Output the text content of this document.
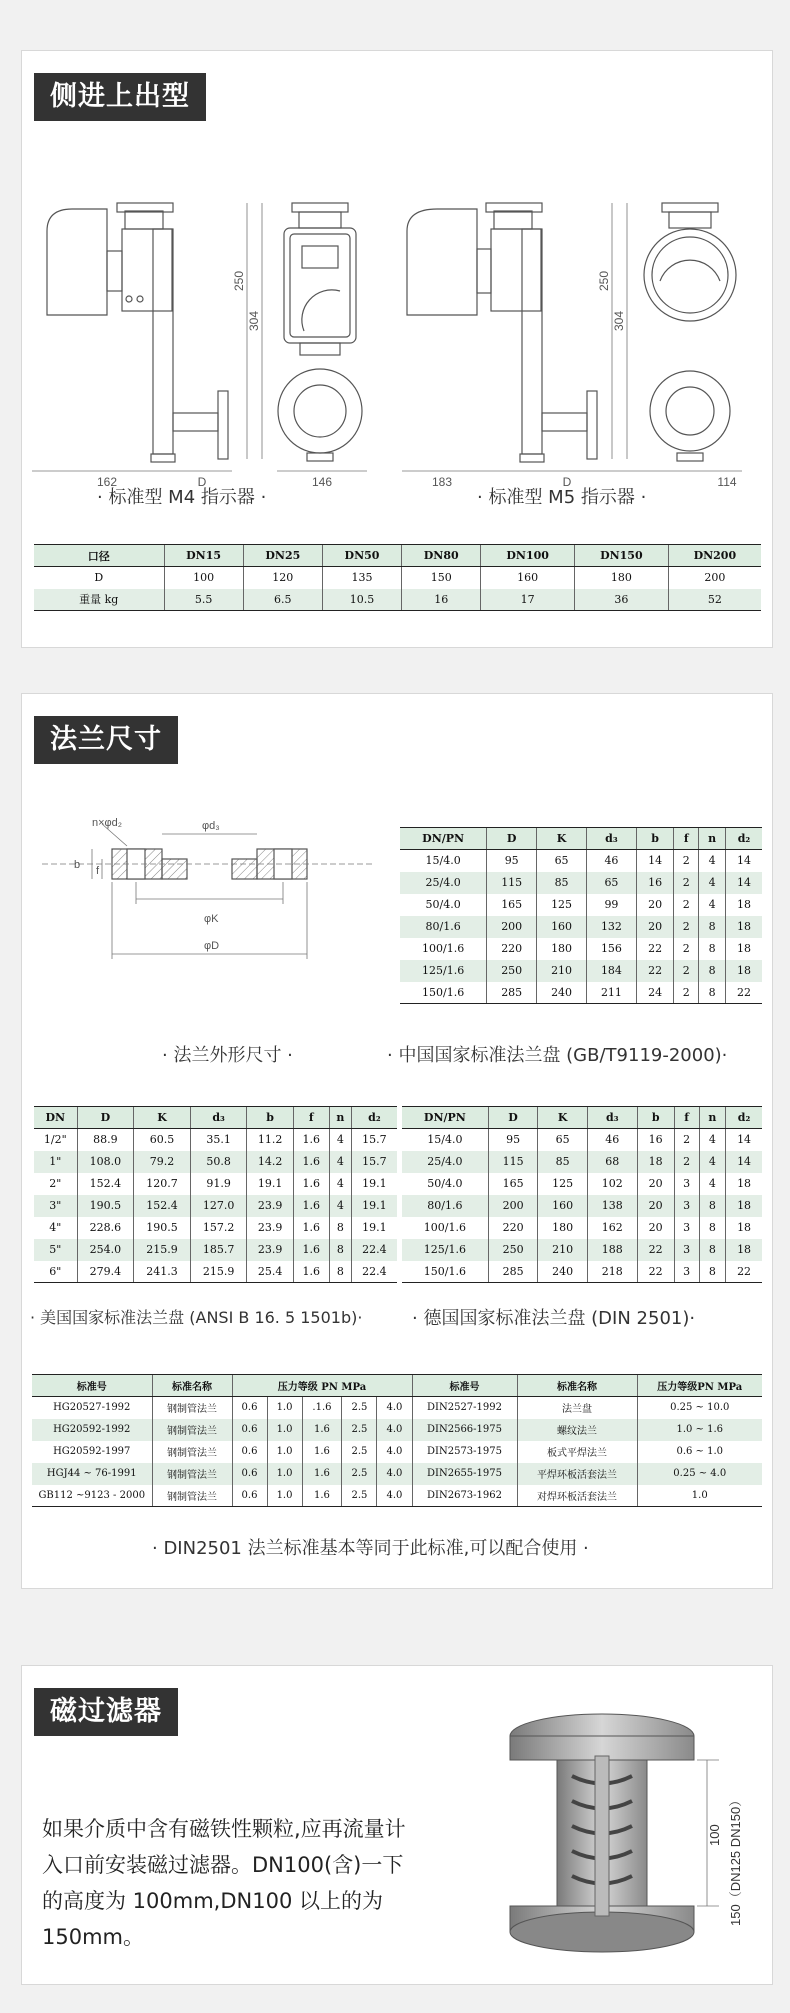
侧进上出型
162	D	146
250
304
183	D	114
250
304
· 标准型 M4 指示器 ·	· 标准型 M5 指示器 ·
口径	DN15	DN25	DN50	DN80	DN100	DN150	DN200
D	100	120	135	150	160	180	200
重量 kg	5.5	6.5	10.5	16	17	36	52
法兰尺寸
n×φd₂	φd₃
b f
φK
φD
DN/PN	D	K	d₃	b	f	n	d₂
15/4.0	95	65	46	14	2	4	14
25/4.0	115	85	65	16	2	4	14
50/4.0	165	125	99	20	2	4	18
80/1.6	200	160	132	20	2	8	18
100/1.6	220	180	156	22	2	8	18
125/1.6	250	210	184	22	2	8	18
150/1.6	285	240	211	24	2	8	22
· 法兰外形尺寸 ·	· 中国国家标准法兰盘 (GB/T9119-2000)·
DN	D	K	d₃	b	f	n	d₂
1/2"	88.9	60.5	35.1	11.2	1.6	4	15.7
1"	108.0	79.2	50.8	14.2	1.6	4	15.7
2"	152.4	120.7	91.9	19.1	1.6	4	19.1
3"	190.5	152.4	127.0	23.9	1.6	4	19.1
4"	228.6	190.5	157.2	23.9	1.6	8	19.1
5"	254.0	215.9	185.7	23.9	1.6	8	22.4
6"	279.4	241.3	215.9	25.4	1.6	8	22.4
DN/PN	D	K	d₃	b	f	n	d₂
15/4.0	95	65	46	16	2	4	14
25/4.0	115	85	68	18	2	4	14
50/4.0	165	125	102	20	3	4	18
80/1.6	200	160	138	20	3	8	18
100/1.6	220	180	162	20	3	8	18
125/1.6	250	210	188	22	3	8	18
150/1.6	285	240	218	22	3	8	22
· 美国国家标准法兰盘 (ANSI B 16. 5 1501b)·	· 德国国家标准法兰盘 (DIN 2501)·
标准号	标准名称	压力等级 PN MPa					标准号	标准名称	压力等级PN MPa
HG20527-1992	钢制管法兰	0.6	1.0	.1.6	2.5	4.0	DIN2527-1992	法兰盘	0.25 ~ 10.0
HG20592-1992	钢制管法兰	0.6	1.0	1.6	2.5	4.0	DIN2566-1975	螺纹法兰	1.0 ~ 1.6
HG20592-1997	钢制管法兰	0.6	1.0	1.6	2.5	4.0	DIN2573-1975	板式平焊法兰	0.6 ~ 1.0
HGJ44 ~ 76-1991	钢制管法兰	0.6	1.0	1.6	2.5	4.0	DIN2655-1975	平焊环板活套法兰	0.25 ~ 4.0
GB112 ~9123 - 2000	钢制管法兰	0.6	1.0	1.6	2.5	4.0	DIN2673-1962	对焊环板活套法兰	1.0
· DIN2501 法兰标准基本等同于此标准,可以配合使用 ·
磁过滤器
如果介质中含有磁铁性颗粒,应再流量计入口前安装磁过滤器。DN100(含)一下的高度为 100mm,DN100 以上的为 150mm。
100 150（DN125 DN150）
